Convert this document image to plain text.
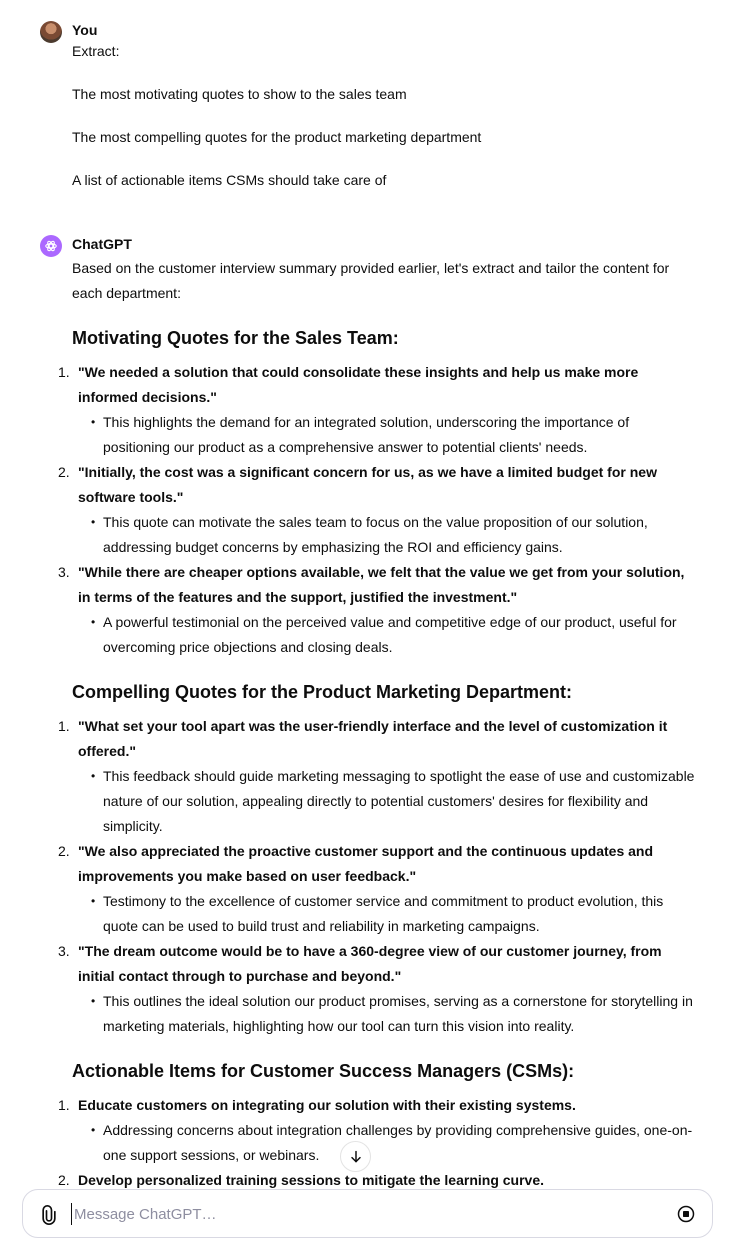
You

Extract:

The most motivating quotes to show to the sales team

The most compelling quotes for the product marketing department

A list of actionable items CSMs should take care of

ChatGPT

Based on the customer interview summary provided earlier, let's extract and tailor the content for each department:

Motivating Quotes for the Sales Team:
1. "We needed a solution that could consolidate these insights and help us make more informed decisions."
• This highlights the demand for an integrated solution, underscoring the importance of positioning our product as a comprehensive answer to potential clients' needs.
2. "Initially, the cost was a significant concern for us, as we have a limited budget for new software tools."
• This quote can motivate the sales team to focus on the value proposition of our solution, addressing budget concerns by emphasizing the ROI and efficiency gains.
3. "While there are cheaper options available, we felt that the value we get from your solution, in terms of the features and the support, justified the investment."
• A powerful testimonial on the perceived value and competitive edge of our product, useful for overcoming price objections and closing deals.
Compelling Quotes for the Product Marketing Department:
1. "What set your tool apart was the user-friendly interface and the level of customization it offered."
• This feedback should guide marketing messaging to spotlight the ease of use and customizable nature of our solution, appealing directly to potential customers' desires for flexibility and simplicity.
2. "We also appreciated the proactive customer support and the continuous updates and improvements you make based on user feedback."
• Testimony to the excellence of customer service and commitment to product evolution, this quote can be used to build trust and reliability in marketing campaigns.
3. "The dream outcome would be to have a 360-degree view of our customer journey, from initial contact through to purchase and beyond."
• This outlines the ideal solution our product promises, serving as a cornerstone for storytelling in marketing materials, highlighting how our tool can turn this vision into reality.
Actionable Items for Customer Success Managers (CSMs):
1. Educate customers on integrating our solution with their existing systems.
• Addressing concerns about integration challenges by providing comprehensive guides, one-on-one support sessions, or webinars.
2. Develop personalized training sessions to mitigate the learning curve.
Message ChatGPT…
